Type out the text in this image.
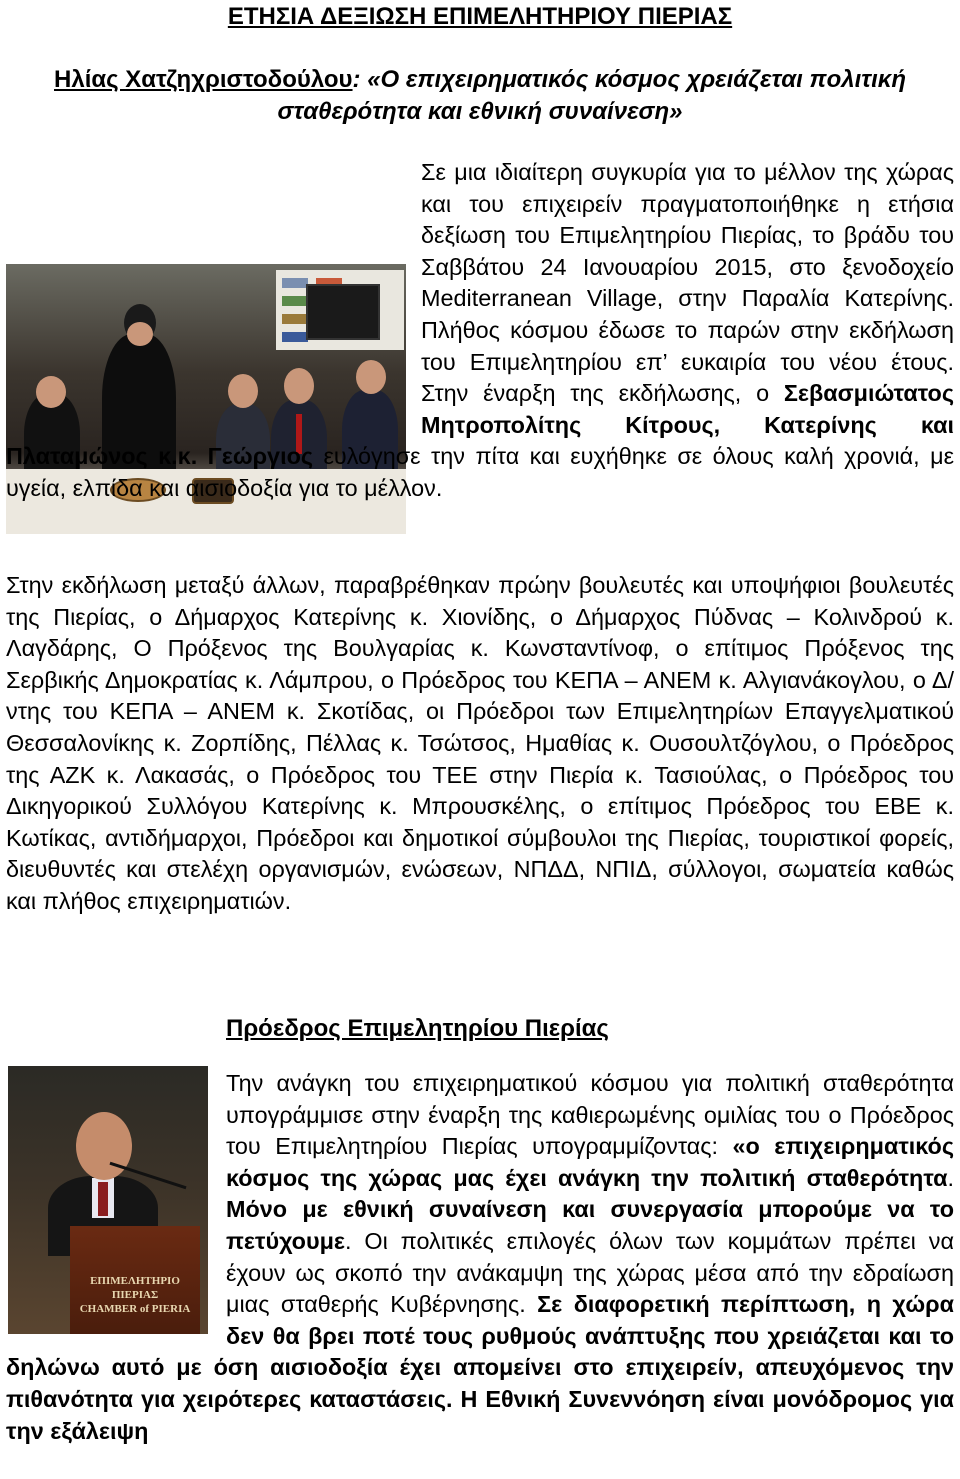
ΕΤΗΣΙΑ ΔΕΞΙΩΣΗ ΕΠΙΜΕΛΗΤΗΡΙΟΥ ΠΙΕΡΙΑΣ
Ηλίας Χατζηχριστοδούλου: «Ο επιχειρηματικός κόσμος χρειάζεται πολιτική σταθερότητα και εθνική συναίνεση»

Σε μια ιδιαίτερη συγκυρία για το μέλλον της χώρας και του επιχειρείν πραγματοποιήθηκε η ετήσια δεξίωση του Επιμελητηρίου Πιερίας, το βράδυ του Σαββάτου 24 Ιανουαρίου 2015, στο ξενοδοχείο Mediterranean Village, στην Παραλία Κατερίνης. Πλήθος κόσμου έδωσε το παρών στην εκδήλωση του Επιμελητηρίου επ’ ευκαιρία του νέου έτους. Στην έναρξη της εκδήλωσης, ο Σεβασμιώτατος Μητροπολίτης Κίτρους, Κατερίνης και Πλαταμώνος κ.κ. Γεώργιος ευλόγησε την πίτα και ευχήθηκε σε όλους καλή χρονιά, με υγεία, ελπίδα και αισιοδοξία για το μέλλον.

Στην εκδήλωση μεταξύ άλλων, παραβρέθηκαν πρώην βουλευτές και υποψήφιοι βουλευτές της Πιερίας, ο Δήμαρχος Κατερίνης κ. Χιονίδης, ο Δήμαρχος Πύδνας – Κολινδρού κ. Λαγδάρης, Ο Πρόξενος της Βουλγαρίας κ. Κωνσταντίνοφ, ο επίτιμος Πρόξενος της Σερβικής Δημοκρατίας κ. Λάμπρου, ο Πρόεδρος του ΚΕΠΑ – ΑΝΕΜ κ. Αλγιανάκογλου, ο Δ/ντης του ΚΕΠΑ – ΑΝΕΜ κ. Σκοτίδας, οι Πρόεδροι των Επιμελητηρίων Επαγγελματικού Θεσσαλονίκης κ. Ζορπίδης, Πέλλας κ. Τσώτσος, Ημαθίας κ. Ουσουλτζόγλου, ο Πρόεδρος της ΑΖΚ κ. Λακασάς, ο Πρόεδρος του ΤΕΕ στην Πιερία κ. Τασιούλας, ο Πρόεδρος του Δικηγορικού Συλλόγου Κατερίνης κ. Μπρουσκέλης, ο επίτιμος Πρόεδρος του ΕΒΕ κ. Κωτίκας, αντιδήμαρχοι, Πρόεδροι και δημοτικοί σύμβουλοι της Πιερίας, τουριστικοί φορείς, διευθυντές και στελέχη οργανισμών, ενώσεων, ΝΠΔΔ, ΝΠΙΔ, σύλλογοι, σωματεία καθώς και πλήθος επιχειρηματιών.

Πρόεδρος Επιμελητηρίου Πιερίας
ΕΠΙΜΕΛΗΤΗΡΙΟ ΠΙΕΡΙΑΣ
CHAMBER of PIERIA

Την ανάγκη του επιχειρηματικού κόσμου για πολιτική σταθερότητα υπογράμμισε στην έναρξη της καθιερωμένης ομιλίας του ο Πρόεδρος του Επιμελητηρίου Πιερίας υπογραμμίζοντας: «ο επιχειρηματικός κόσμος της χώρας μας έχει ανάγκη την πολιτική σταθερότητα. Μόνο με εθνική συναίνεση και συνεργασία μπορούμε να το πετύχουμε. Οι πολιτικές επιλογές όλων των κομμάτων πρέπει να έχουν ως σκοπό την ανάκαμψη της χώρας μέσα από την εδραίωση μιας σταθερής Κυβέρνησης. Σε διαφορετική περίπτωση, η χώρα δεν θα βρει ποτέ τους ρυθμούς ανάπτυξης που χρειάζεται και το δηλώνω αυτό με όση αισιοδοξία έχει απομείνει στο επιχειρείν, απευχόμενος την πιθανότητα για χειρότερες καταστάσεις. Η Εθνική Συνεννόηση είναι μονόδρομος για την εξάλειψη
